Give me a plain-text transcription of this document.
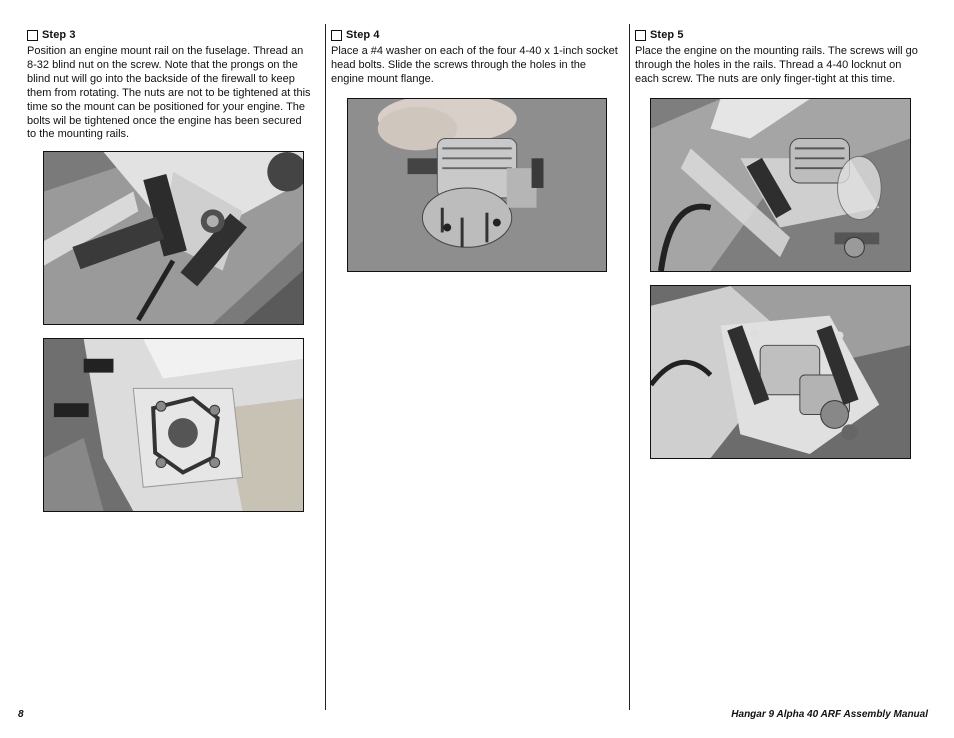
Step 3
Position an engine mount rail on the fuselage. Thread an 8-32 blind nut on the screw. Note that the prongs on the blind nut will go into the backside of the firewall to keep them from rotating. The nuts are not to be tightened at this time so the mount can be positioned for your engine. The bolts wil be tightened once the engine has been secured to the mounting rails.
Step 4
Place a #4 washer on each of the four 4-40 x 1-inch socket head bolts. Slide the screws through the holes in the engine mount flange.
Step 5
Place the engine on the mounting rails. The screws will go through the holes in the rails. Thread a 4-40 locknut on each screw. The nuts are only finger-tight at this time.
8	Hangar 9 Alpha 40 ARF Assembly Manual
